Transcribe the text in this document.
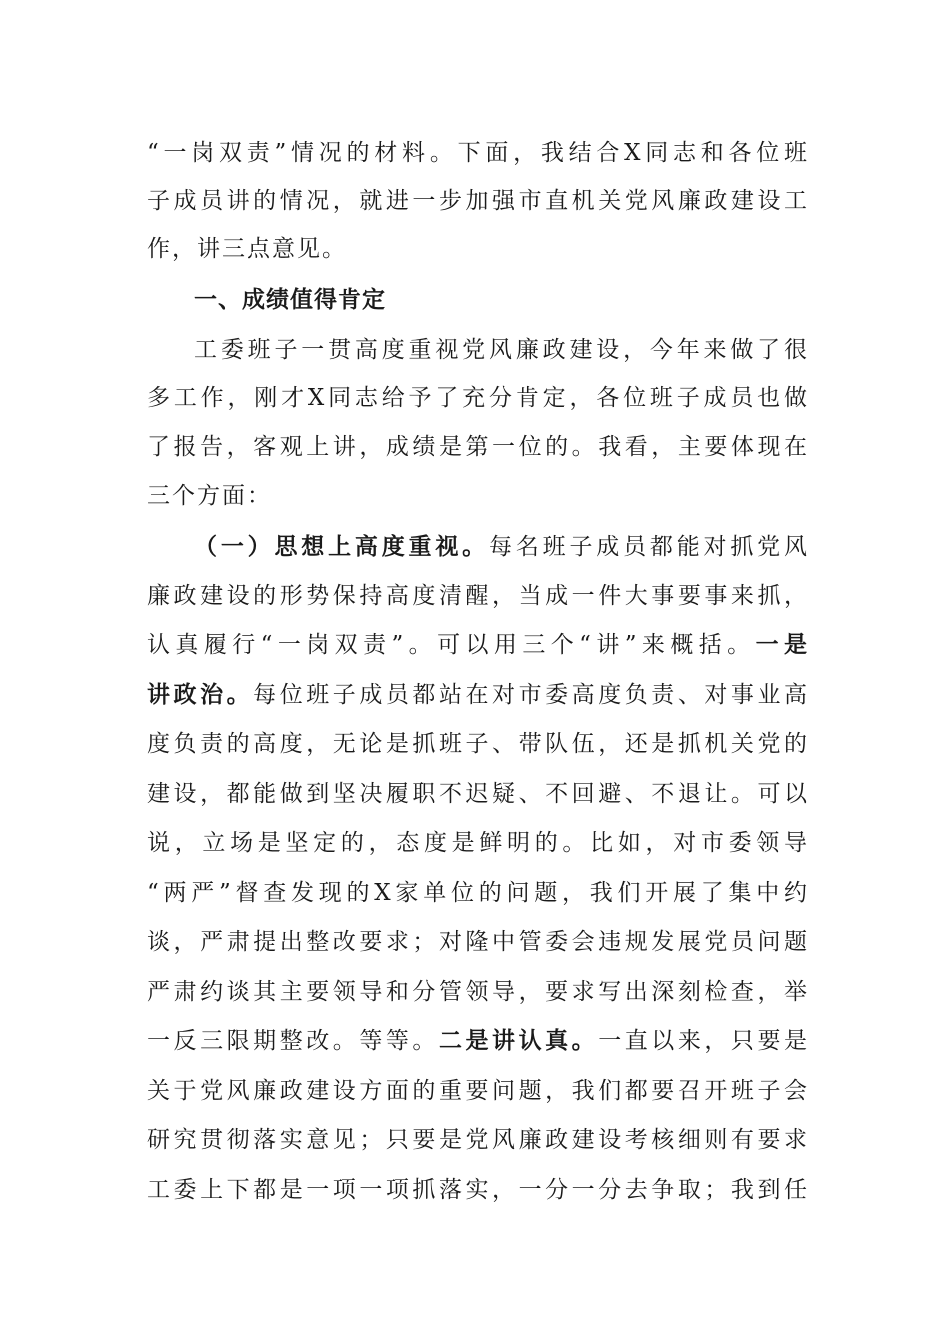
“一岗双责”情况的材料。下面，我结合X同志和各位班
子成员讲的情况，就进一步加强市直机关党风廉政建设工
作，讲三点意见。
一、成绩值得肯定
工委班子一贯高度重视党风廉政建设，今年来做了很
多工作，刚才X同志给予了充分肯定，各位班子成员也做
了报告，客观上讲，成绩是第一位的。我看，主要体现在
三个方面：
（一）思想上高度重视。每名班子成员都能对抓党风
廉政建设的形势保持高度清醒，当成一件大事要事来抓，
认真履行“一岗双责”。可以用三个“讲”来概括。一是
讲政治。每位班子成员都站在对市委高度负责、对事业高
度负责的高度，无论是抓班子、带队伍，还是抓机关党的
建设，都能做到坚决履职不迟疑、不回避、不退让。可以
说，立场是坚定的，态度是鲜明的。比如，对市委领导
“两严”督查发现的X家单位的问题，我们开展了集中约
谈，严肃提出整改要求；对隆中管委会违规发展党员问题
严肃约谈其主要领导和分管领导，要求写出深刻检查，举
一反三限期整改。等等。二是讲认真。一直以来，只要是
关于党风廉政建设方面的重要问题，我们都要召开班子会
研究贯彻落实意见；只要是党风廉政建设考核细则有要求
工委上下都是一项一项抓落实，一分一分去争取；我到任
